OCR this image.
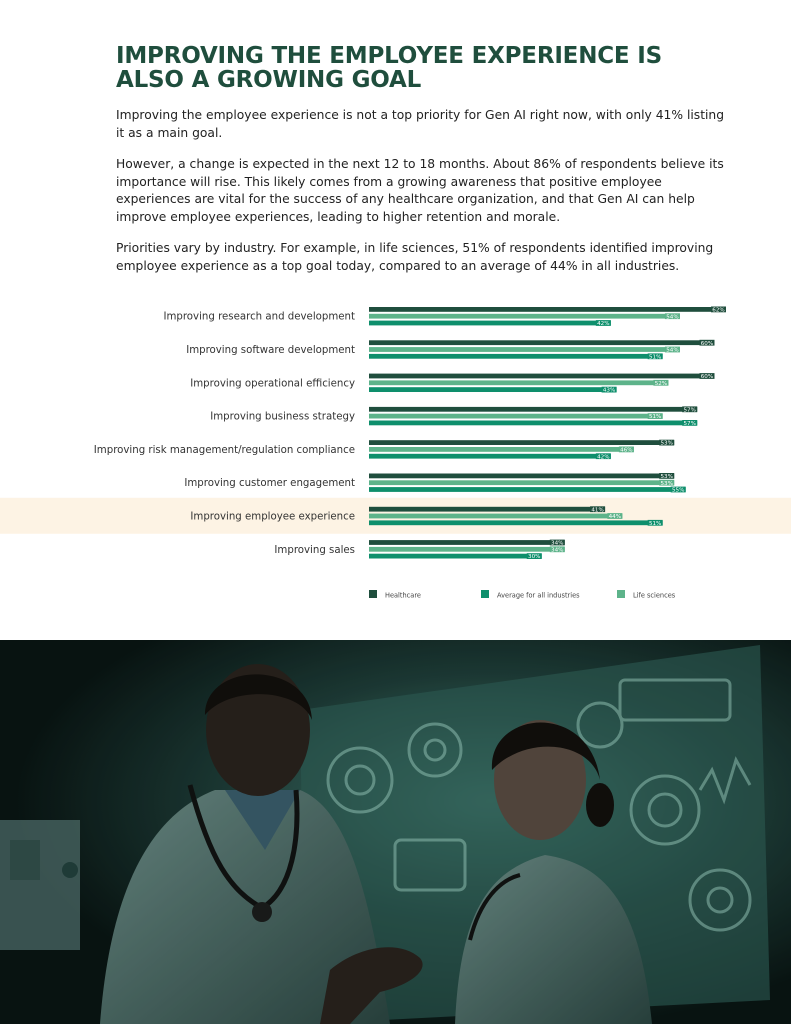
IMPROVING THE EMPLOYEE EXPERIENCE IS ALSO A GROWING GOAL

Improving the employee experience is not a top priority for Gen AI right now, with only 41% listing it as a main goal.

However, a change is expected in the next 12 to 18 months. About 86% of respondents believe its importance will rise. This likely comes from a growing awareness that positive employee experiences are vital for the success of any healthcare organization, and that Gen AI can help improve employee experiences, leading to higher retention and morale.

Priorities vary by industry. For example, in life sciences, 51% of respondents identified improving employee experience as a top goal today, compared to an average of 44% in all industries.

Improving research and development
62%
54%
42%
Improving software development
60%
54%
51%
Improving operational efficiency
60%
52%
43%
Improving business strategy
57%
51%
57%
Improving risk management/regulation compliance
53%
46%
42%
Improving customer engagement
53%
53%
55%
Improving employee experience
41%
44%
51%
Improving sales
34%
34%
30%
Healthcare	Average for all industries	Life sciences
